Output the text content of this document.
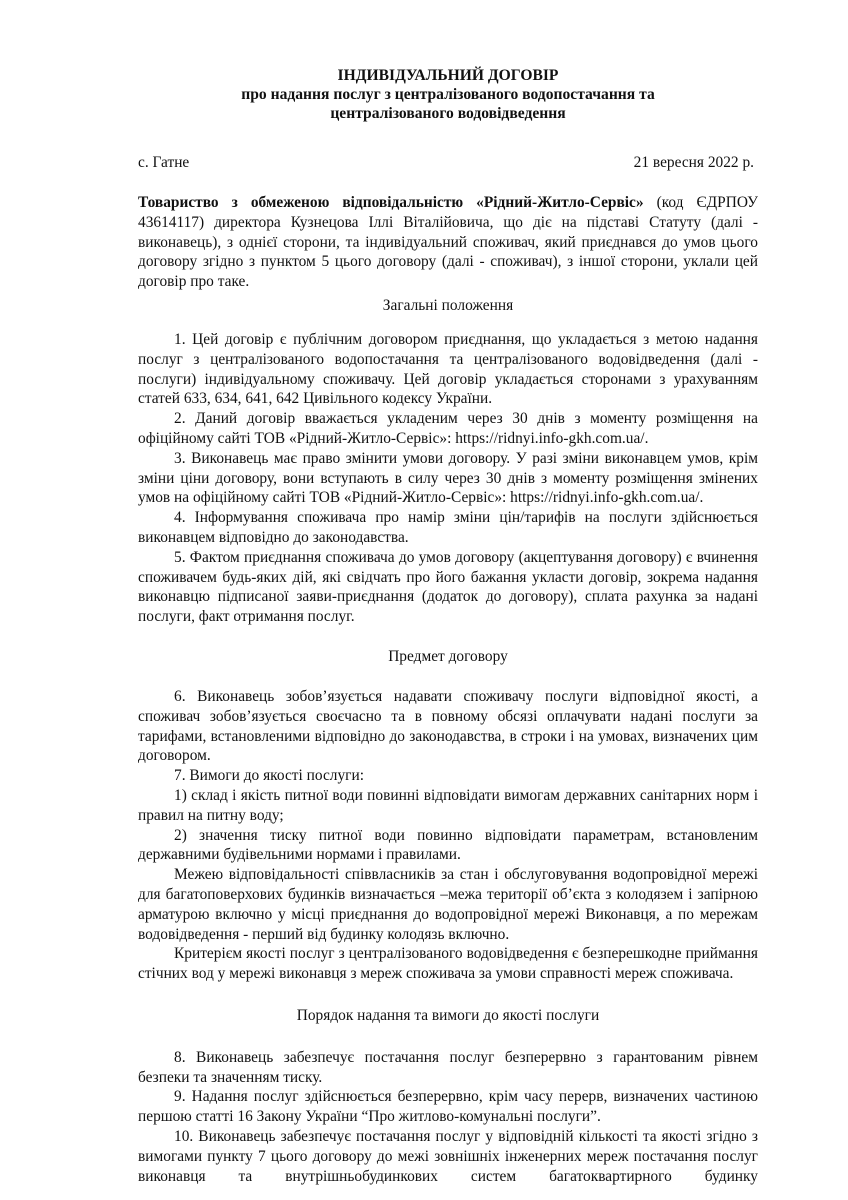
ІНДИВІДУАЛЬНИЙ ДОГОВІР
про надання послуг з централізованого водопостачання та
централізованого водовідведення
с. Гатне	21 вересня 2022 р.

Товариство з обмеженою відповідальністю «Рідний-Житло-Сервіс» (код ЄДРПОУ 43614117) директора Кузнецова Іллі Віталійовича, що діє на підставі Статуту (далі - виконавець), з однієї сторони, та індивідуальний споживач, який приєднався до умов цього договору згідно з пунктом 5 цього договору (далі - споживач), з іншої сторони, уклали цей договір про таке.

Загальні положення

1. Цей договір є публічним договором приєднання, що укладається з метою надання послуг з централізованого водопостачання та централізованого водовідведення (далі - послуги) індивідуальному споживачу. Цей договір укладається сторонами з урахуванням статей 633, 634, 641, 642 Цивільного кодексу України.

2. Даний договір вважається укладеним через 30 днів з моменту розміщення на офіційному сайті ТОВ «Рідний-Житло-Сервіс»: https://ridnyi.info-gkh.com.ua/.

3. Виконавець має право змінити умови договору. У разі зміни виконавцем умов, крім зміни ціни договору, вони вступають в силу через 30 днів з моменту розміщення змінених умов на офіційному сайті ТОВ «Рідний-Житло-Сервіс»: https://ridnyi.info-gkh.com.ua/.

4. Інформування споживача про намір зміни цін/тарифів на послуги здійснюється виконавцем відповідно до законодавства.

5. Фактом приєднання споживача до умов договору (акцептування договору) є вчинення споживачем будь-яких дій, які свідчать про його бажання укласти договір, зокрема надання виконавцю підписаної заяви-приєднання (додаток до договору), сплата рахунка за надані послуги, факт отримання послуг.

Предмет договору

6. Виконавець зобов’язується надавати споживачу послуги відповідної якості, а споживач зобов’язується своєчасно та в повному обсязі оплачувати надані послуги за тарифами, встановленими відповідно до законодавства, в строки і на умовах, визначених цим договором.

7. Вимоги до якості послуги:

1) склад і якість питної води повинні відповідати вимогам державних санітарних норм і правил на питну воду;

2) значення тиску питної води повинно відповідати параметрам, встановленим державними будівельними нормами і правилами.

Межею відповідальності співвласників за стан і обслуговування водопровідної мережі для багатоповерхових будинків визначається –межа території об’єкта з колодязем і запірною арматурою включно у місці приєднання до водопровідної мережі Виконавця, а по мережам водовідведення - перший від будинку колодязь включно.

Критерієм якості послуг з централізованого водовідведення є безперешкодне приймання стічних вод у мережі виконавця з мереж споживача за умови справності мереж споживача.

Порядок надання та вимоги до якості послуги

8. Виконавець забезпечує постачання послуг безперервно з гарантованим рівнем безпеки та значенням тиску.

9. Надання послуг здійснюється безперервно, крім часу перерв, визначених частиною першою статті 16 Закону України “Про житлово-комунальні послуги”.

10. Виконавець забезпечує постачання послуг у відповідній кількості та якості згідно з вимогами пункту 7 цього договору до межі зовнішніх інженерних мереж постачання послуг виконавця та внутрішньобудинкових систем багатоквартирного будинку
